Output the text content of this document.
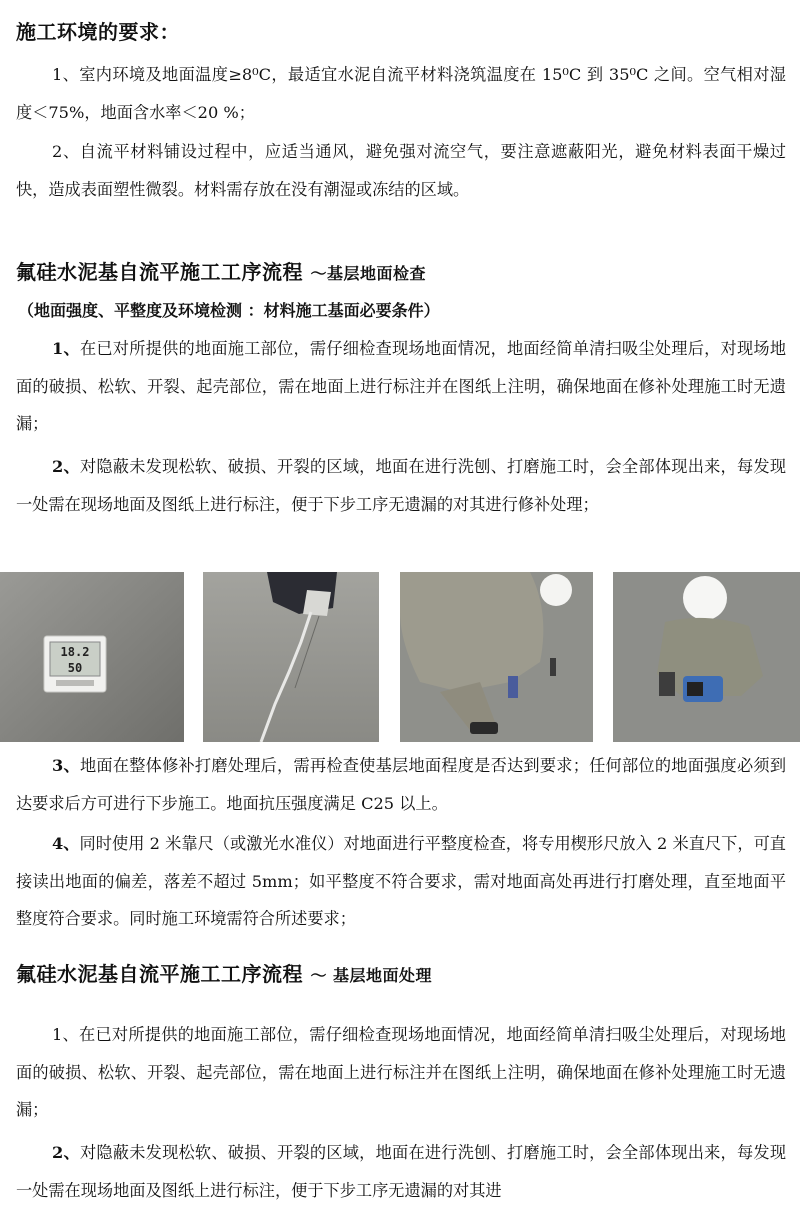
施工环境的要求：

1、室内环境及地面温度≥8⁰C，最适宜水泥自流平材料浇筑温度在 15⁰C 到 35⁰C 之间。空气相对湿度＜75%，地面含水率＜20 %；

2、自流平材料铺设过程中，应适当通风，避免强对流空气，要注意遮蔽阳光，避免材料表面干燥过快，造成表面塑性微裂。材料需存放在没有潮湿或冻结的区域。

氟硅水泥基自流平施工工序流程 ～基层地面检查
（地面强度、平整度及环境检测 ：材料施工基面必要条件）

1、在已对所提供的地面施工部位，需仔细检查现场地面情况，地面经简单清扫吸尘处理后，对现场地面的破损、松软、开裂、起壳部位，需在地面上进行标注并在图纸上注明，确保地面在修补处理施工时无遗漏；

2、对隐蔽未发现松软、破损、开裂的区域，地面在进行洗刨、打磨施工时，会全部体现出来，每发现一处需在现场地面及图纸上进行标注，便于下步工序无遗漏的对其进行修补处理；

18.2
50

3、地面在整体修补打磨处理后，需再检查使基层地面程度是否达到要求；任何部位的地面强度必须到达要求后方可进行下步施工。地面抗压强度满足 C25 以上。

4、同时使用 2 米靠尺（或激光水准仪）对地面进行平整度检查，将专用楔形尺放入 2 米直尺下，可直接读出地面的偏差，落差不超过 5mm；如平整度不符合要求，需对地面高处再进行打磨处理，直至地面平整度符合要求。同时施工环境需符合所述要求；

氟硅水泥基自流平施工工序流程 ～ 基层地面处理

1、在已对所提供的地面施工部位，需仔细检查现场地面情况，地面经简单清扫吸尘处理后，对现场地面的破损、松软、开裂、起壳部位，需在地面上进行标注并在图纸上注明，确保地面在修补处理施工时无遗漏；

2、对隐蔽未发现松软、破损、开裂的区域，地面在进行洗刨、打磨施工时，会全部体现出来，每发现一处需在现场地面及图纸上进行标注，便于下步工序无遗漏的对其进
